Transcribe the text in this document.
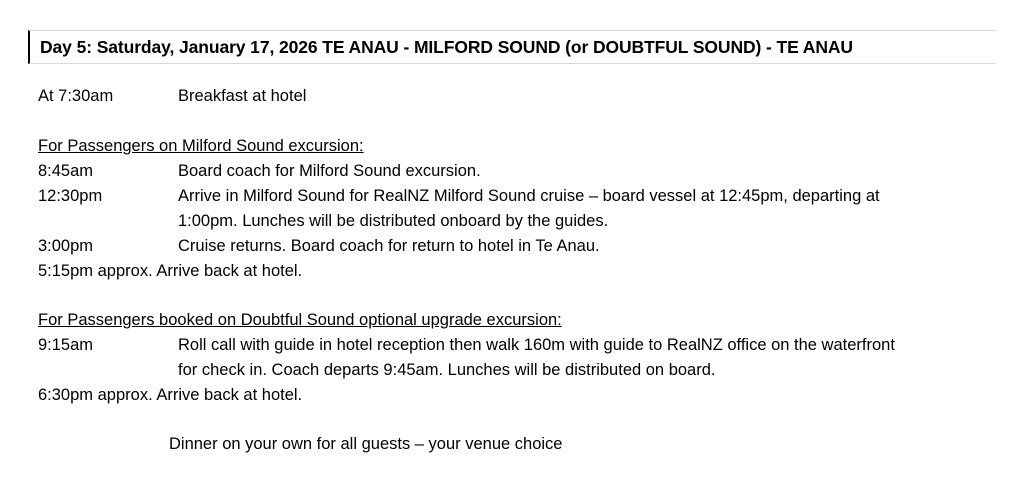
Day 5: Saturday, January 17, 2026 TE ANAU - MILFORD SOUND (or DOUBTFUL SOUND) - TE ANAU
At 7:30am	Breakfast at hotel
For Passengers on Milford Sound excursion:
8:45am	Board coach for Milford Sound excursion.
12:30pm	Arrive in Milford Sound for RealNZ Milford Sound cruise – board vessel at 12:45pm, departing at
1:00pm. Lunches will be distributed onboard by the guides.
3:00pm	Cruise returns. Board coach for return to hotel in Te Anau.
5:15pm approx. Arrive back at hotel.
For Passengers booked on Doubtful Sound optional upgrade excursion:
9:15am	Roll call with guide in hotel reception then walk 160m with guide to RealNZ office on the waterfront
for check in. Coach departs 9:45am. Lunches will be distributed on board.
6:30pm approx. Arrive back at hotel.
Dinner on your own for all guests – your venue choice
